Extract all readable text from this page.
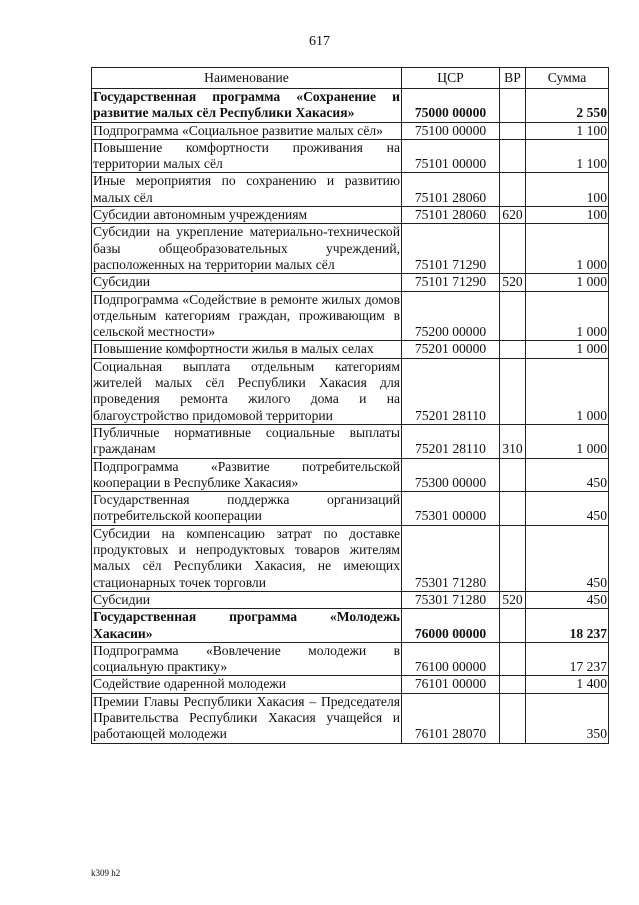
617
Наименование	ЦСР	ВР	Сумма
Государственная программа «Сохранение и развитие малых сёл Республики Хакасия»	75000 00000		2 550
Подпрограмма «Социальное развитие малых сёл»	75100 00000		1 100
Повышение комфортности проживания на территории малых сёл	75101 00000		1 100
Иные мероприятия по сохранению и развитию малых сёл	75101 28060		100
Субсидии автономным учреждениям	75101 28060	620	100
Субсидии на укрепление материально-технической базы общеобразовательных учреждений, расположенных на территории малых сёл	75101 71290		1 000
Субсидии	75101 71290	520	1 000
Подпрограмма «Содействие в ремонте жилых домов отдельным категориям граждан, проживающим в сельской местности»	75200 00000		1 000
Повышение комфортности жилья в малых селах	75201 00000		1 000
Социальная выплата отдельным категориям жителей малых сёл Республики Хакасия для проведения ремонта жилого дома и на благоустройство придомовой территории	75201 28110		1 000
Публичные нормативные социальные выплаты гражданам	75201 28110	310	1 000
Подпрограмма «Развитие потребительской кооперации в Республике Хакасия»	75300 00000		450
Государственная поддержка организаций потребительской кооперации	75301 00000		450
Субсидии на компенсацию затрат по доставке продуктовых и непродуктовых товаров жителям малых сёл Республики Хакасия, не имеющих стационарных точек торговли	75301 71280		450
Субсидии	75301 71280	520	450
Государственная программа «Молодежь Хакасии»	76000 00000		18 237
Подпрограмма «Вовлечение молодежи в социальную практику»	76100 00000		17 237
Содействие одаренной молодежи	76101 00000		1 400
Премии Главы Республики Хакасия – Председателя Правительства Республики Хакасия учащейся и работающей молодежи	76101 28070		350
k309 h2
